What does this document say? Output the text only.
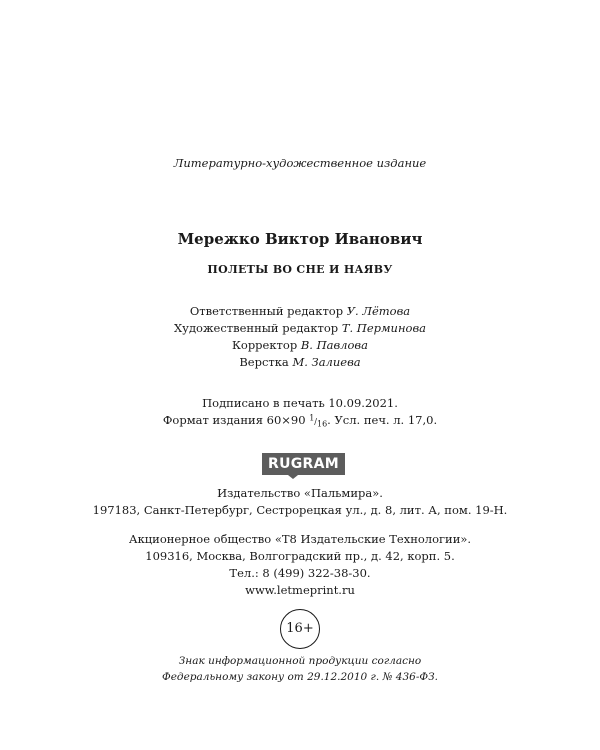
Литературно-художественное издание
Мережко Виктор Иванович
ПОЛЕТЫ ВО СНЕ И НАЯВУ
Ответственный редактор У. Лётова
Художественный редактор Т. Перминова
Корректор В. Павлова
Верстка М. Залиева
Подписано в печать 10.09.2021.
Формат издания 60×90 $^1/_{16}$. Усл. печ. л. 17,0.
RUGRAM
Издательство «Пальмира».
197183, Санкт-Петербург, Сестрорецкая ул., д. 8, лит. А, пом. 19-Н.
Акционерное общество «Т8 Издательские Технологии».
109316, Москва, Волгоградский пр., д. 42, корп. 5.
Тел.: 8 (499) 322-38-30.
www.letmeprint.ru
16+
Знак информационной продукции согласно
Федеральному закону от 29.12.2010 г. № 436-ФЗ.
